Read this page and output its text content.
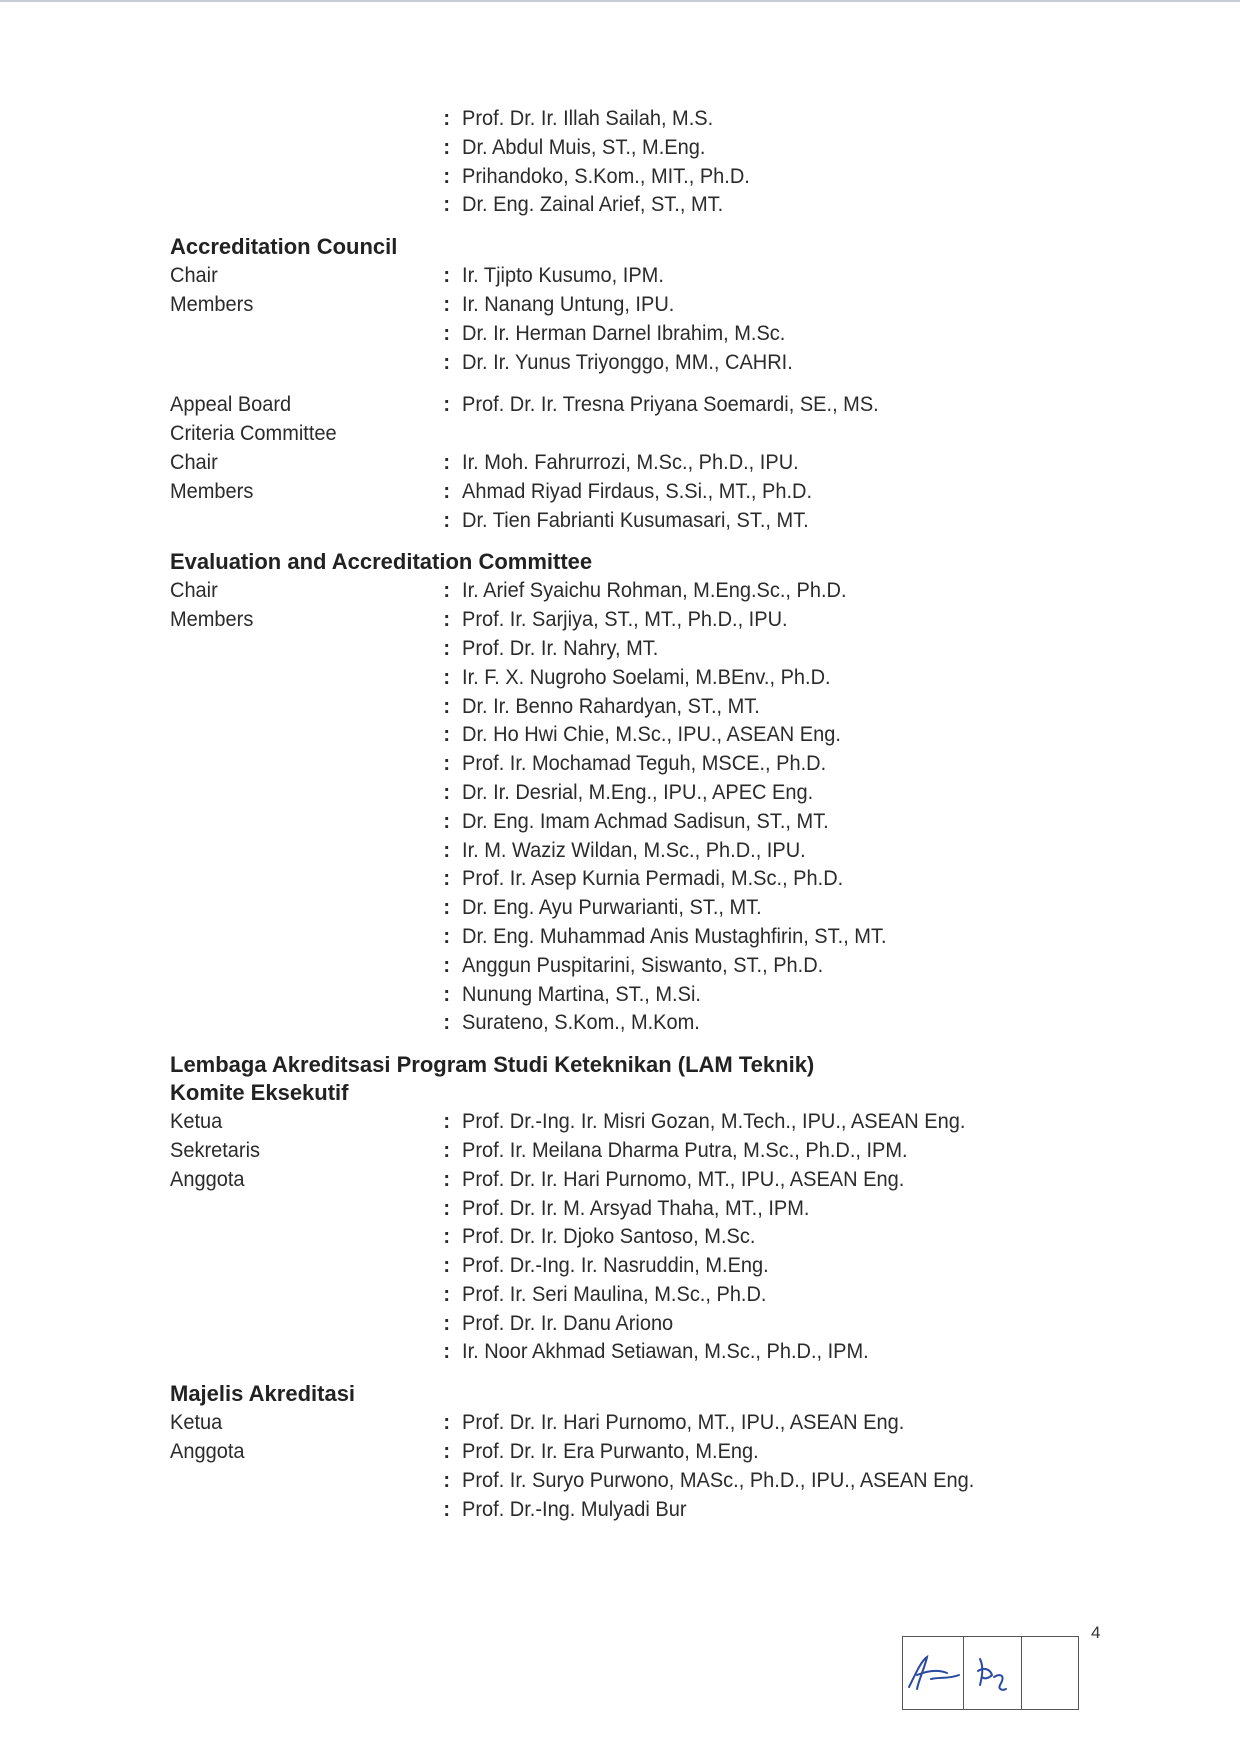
: Prof. Dr. Ir. Illah Sailah, M.S.
: Dr. Abdul Muis, ST., M.Eng.
: Prihandoko, S.Kom., MIT., Ph.D.
: Dr. Eng. Zainal Arief, ST., MT.
Accreditation Council
Chair	: Ir. Tjipto Kusumo, IPM.
Members	: Ir. Nanang Untung, IPU.
: Dr. Ir. Herman Darnel Ibrahim, M.Sc.
: Dr. Ir. Yunus Triyonggo, MM., CAHRI.
Appeal Board	: Prof. Dr. Ir. Tresna Priyana Soemardi, SE., MS.
Criteria Committee
Chair	: Ir. Moh. Fahrurrozi, M.Sc., Ph.D., IPU.
Members	: Ahmad Riyad Firdaus, S.Si., MT., Ph.D.
: Dr. Tien Fabrianti Kusumasari, ST., MT.
Evaluation and Accreditation Committee
Chair	: Ir. Arief Syaichu Rohman, M.Eng.Sc., Ph.D.
Members	: Prof. Ir. Sarjiya, ST., MT., Ph.D., IPU.
: Prof. Dr. Ir. Nahry, MT.
: Ir. F. X. Nugroho Soelami, M.BEnv., Ph.D.
: Dr. Ir. Benno Rahardyan, ST., MT.
: Dr. Ho Hwi Chie, M.Sc., IPU., ASEAN Eng.
: Prof. Ir. Mochamad Teguh, MSCE., Ph.D.
: Dr. Ir. Desrial, M.Eng., IPU., APEC Eng.
: Dr. Eng. Imam Achmad Sadisun, ST., MT.
: Ir. M. Waziz Wildan, M.Sc., Ph.D., IPU.
: Prof. Ir. Asep Kurnia Permadi, M.Sc., Ph.D.
: Dr. Eng. Ayu Purwarianti, ST., MT.
: Dr. Eng. Muhammad Anis Mustaghfirin, ST., MT.
: Anggun Puspitarini, Siswanto, ST., Ph.D.
: Nunung Martina, ST., M.Si.
: Surateno, S.Kom., M.Kom.
Lembaga Akreditsasi Program Studi Keteknikan (LAM Teknik)
Komite Eksekutif
Ketua	: Prof. Dr.-Ing. Ir. Misri Gozan, M.Tech., IPU., ASEAN Eng.
Sekretaris	: Prof. Ir. Meilana Dharma Putra, M.Sc., Ph.D., IPM.
Anggota	: Prof. Dr. Ir. Hari Purnomo, MT., IPU., ASEAN Eng.
: Prof. Dr. Ir. M. Arsyad Thaha, MT., IPM.
: Prof. Dr. Ir. Djoko Santoso, M.Sc.
: Prof. Dr.-Ing. Ir. Nasruddin, M.Eng.
: Prof. Ir. Seri Maulina, M.Sc., Ph.D.
: Prof. Dr. Ir. Danu Ariono
: Ir. Noor Akhmad Setiawan, M.Sc., Ph.D., IPM.
Majelis Akreditasi
Ketua	: Prof. Dr. Ir. Hari Purnomo, MT., IPU., ASEAN Eng.
Anggota	: Prof. Dr. Ir. Era Purwanto, M.Eng.
: Prof. Ir. Suryo Purwono, MASc., Ph.D., IPU., ASEAN Eng.
: Prof. Dr.-Ing. Mulyadi Bur
4
